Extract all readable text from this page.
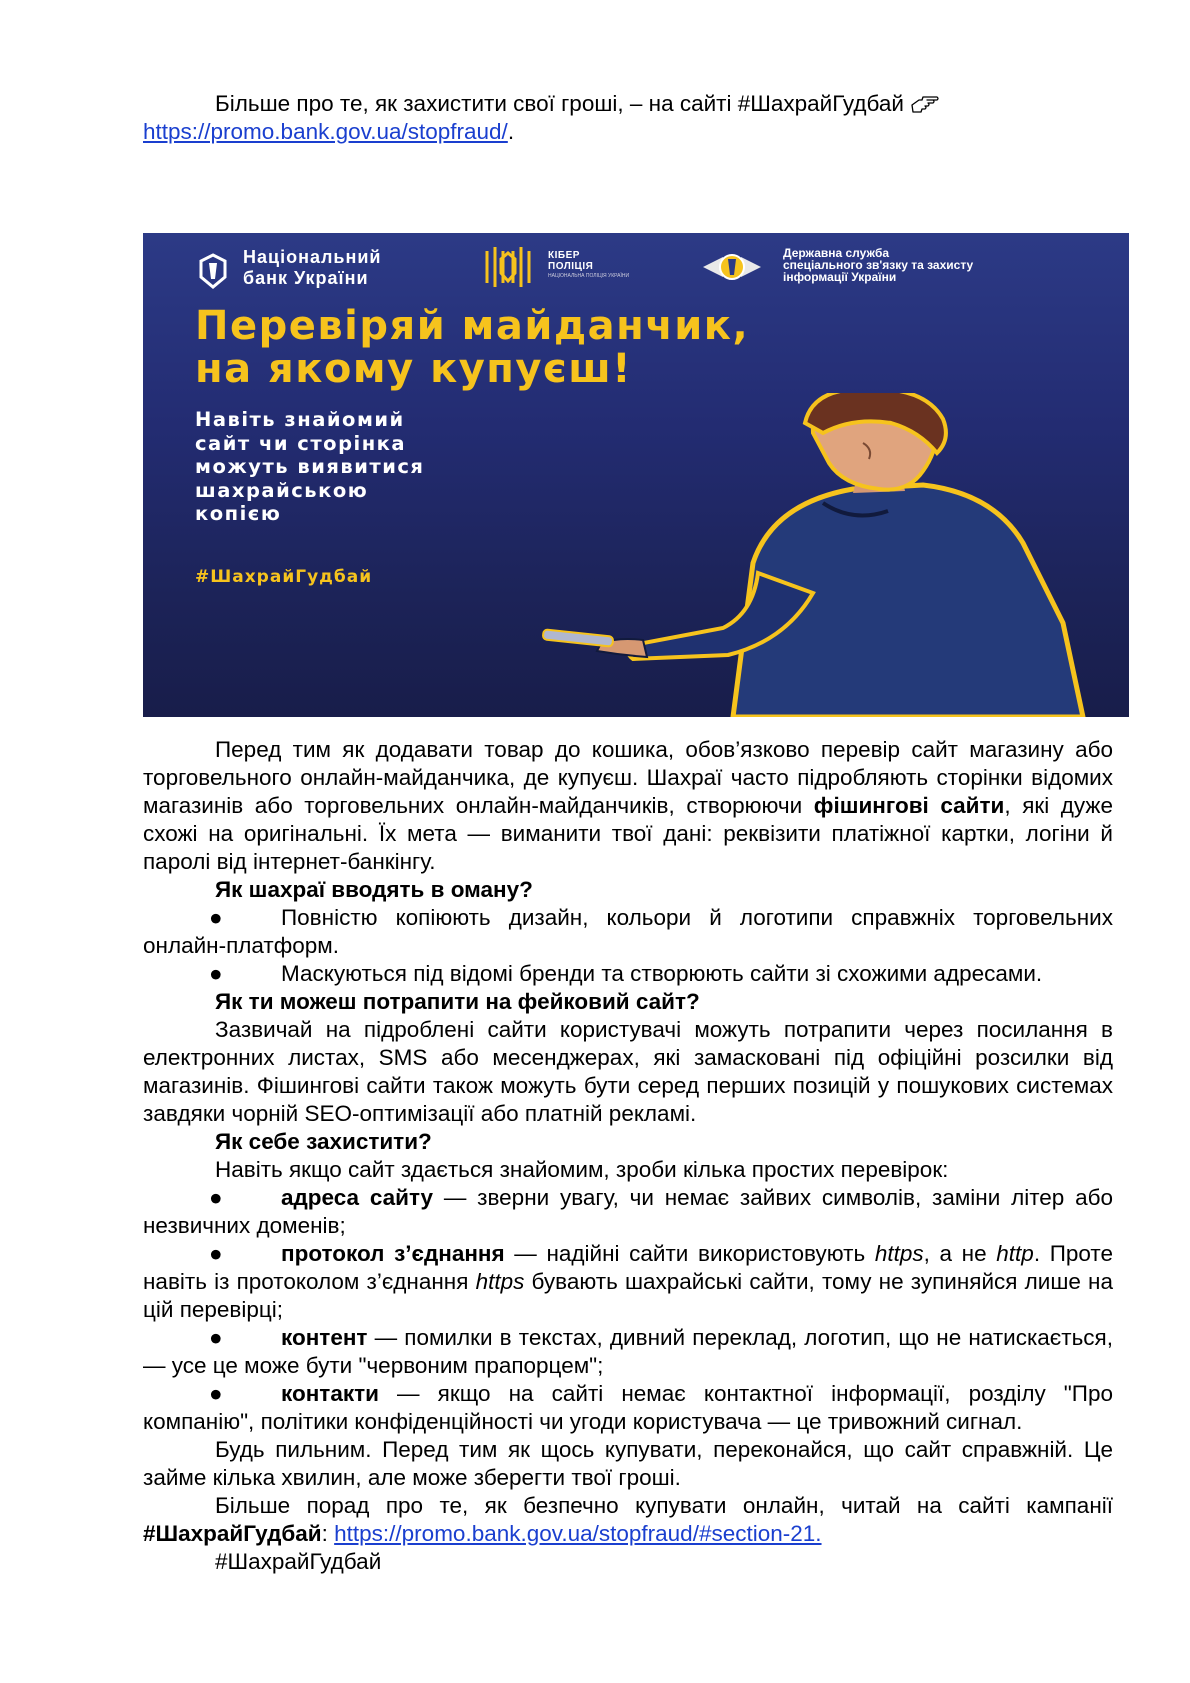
Більше про те, як захистити свої гроші, – на сайті #ШахрайГудбай

https://promo.bank.gov.ua/stopfraud/.

Національний
банк України
КІБЕР
ПОЛІЦІЯ
НАЦІОНАЛЬНА ПОЛІЦІЯ УКРАЇНИ
Державна служба
спеціального зв'язку та захисту
інформації України
Перевіряй майданчик,
на якому купуєш!
Навіть знайомий
сайт чи сторінка
можуть виявитися
шахрайською
копією
#ШахрайГудбай

Перед тим як додавати товар до кошика, обов’язково перевір сайт магазину або торговельного онлайн-майданчика, де купуєш. Шахраї часто підробляють сторінки відомих магазинів або торговельних онлайн-майданчиків, створюючи фішингові сайти, які дуже схожі на оригінальні. Їх мета — виманити твої дані: реквізити платіжної картки, логіни й паролі від інтернет-банкінгу.

Як шахраї вводять в оману?

●	Повністю копіюють дизайн, кольори й логотипи справжніх торговельних онлайн-платформ.

●	Маскуються під відомі бренди та створюють сайти зі схожими адресами.

Як ти можеш потрапити на фейковий сайт?

Зазвичай на підроблені сайти користувачі можуть потрапити через посилання в електронних листах, SMS або месенджерах, які замасковані під офіційні розсилки від магазинів. Фішингові сайти також можуть бути серед перших позицій у пошукових системах завдяки чорній SEO-оптимізації або платній рекламі.

Як себе захистити?

Навіть якщо сайт здається знайомим, зроби кілька простих перевірок:

●	адреса сайту — зверни увагу, чи немає зайвих символів, заміни літер або незвичних доменів;

●	протокол з’єднання — надійні сайти використовують https, а не http. Проте навіть із протоколом з’єднання https бувають шахрайські сайти, тому не зупиняйся лише на цій перевірці;

●	контент — помилки в текстах, дивний переклад, логотип, що не натискається, — усе це може бути "червоним прапорцем";

●	контакти — якщо на сайті немає контактної інформації, розділу "Про компанію", політики конфіденційності чи угоди користувача — це тривожний сигнал.

Будь пильним. Перед тим як щось купувати, переконайся, що сайт справжній. Це займе кілька хвилин, але може зберегти твої гроші.

Більше порад про те, як безпечно купувати онлайн, читай на сайті кампанії #ШахрайГудбай: https://promo.bank.gov.ua/stopfraud/#section-21.

#ШахрайГудбай
